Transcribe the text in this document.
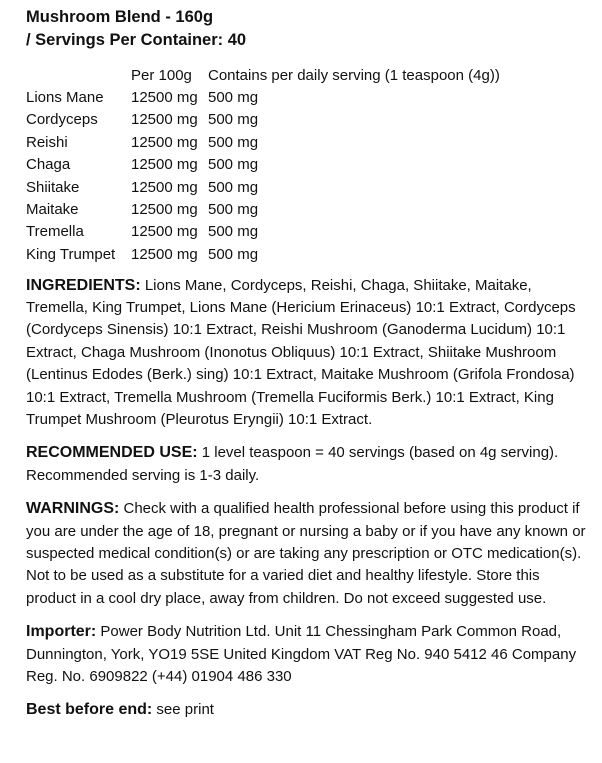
Mushroom Blend - 160g

/ Servings Per Container: 40

	Per 100g	Contains per daily serving (1 teaspoon (4g))
Lions Mane	12500 mg	500 mg
Cordyceps	12500 mg	500 mg
Reishi	12500 mg	500 mg
Chaga	12500 mg	500 mg
Shiitake	12500 mg	500 mg
Maitake	12500 mg	500 mg
Tremella	12500 mg	500 mg
King Trumpet	12500 mg	500 mg

INGREDIENTS: Lions Mane, Cordyceps, Reishi, Chaga, Shiitake, Maitake, Tremella, King Trumpet, Lions Mane (Hericium Erinaceus) 10:1 Extract, Cordyceps (Cordyceps Sinensis) 10:1 Extract, Reishi Mushroom (Ganoderma Lucidum) 10:1 Extract, Chaga Mushroom (Inonotus Obliquus) 10:1 Extract, Shiitake Mushroom (Lentinus Edodes (Berk.) sing) 10:1 Extract, Maitake Mushroom (Grifola Frondosa) 10:1 Extract, Tremella Mushroom (Tremella Fuciformis Berk.) 10:1 Extract, King Trumpet Mushroom (Pleurotus Eryngii) 10:1 Extract.

RECOMMENDED USE: 1 level teaspoon = 40 servings (based on 4g serving). Recommended serving is 1-3 daily.

WARNINGS: Check with a qualified health professional before using this product if you are under the age of 18, pregnant or nursing a baby or if you have any known or suspected medical condition(s) or are taking any prescription or OTC medication(s). Not to be used as a substitute for a varied diet and healthy lifestyle. Store this product in a cool dry place, away from children. Do not exceed suggested use.

Importer: Power Body Nutrition Ltd. Unit 11 Chessingham Park Common Road, Dunnington, York, YO19 5SE United Kingdom VAT Reg No. 940 5412 46 Company Reg. No. 6909822 (+44) 01904 486 330

Best before end: see print
